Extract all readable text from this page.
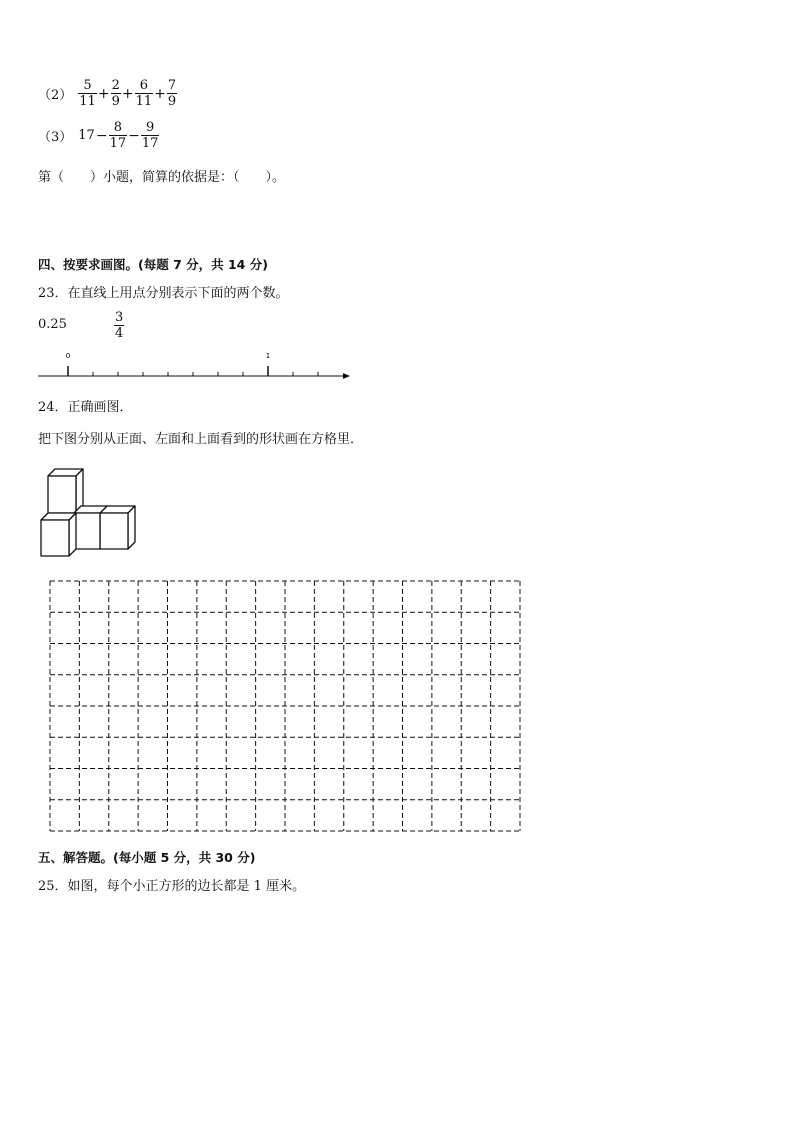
$(2) \frac{5}{11} + \frac{2}{9} + \frac{6}{11} + \frac{7}{9}$
（3） $17 - \frac{8}{17} - \frac{9}{17}$
第（　　）小题，简算的依据是：（　　）。
四、按要求画图。(每题 7 分，共 14 分)
23．在直线上用点分别表示下面的两个数。
0.25	$\frac{3}{4}$
0	1
24．正确画图．
把下图分别从正面、左面和上面看到的形状画在方格里．
五、解答题。(每小题 5 分，共 30 分)
25．如图，每个小正方形的边长都是 1 厘米。
